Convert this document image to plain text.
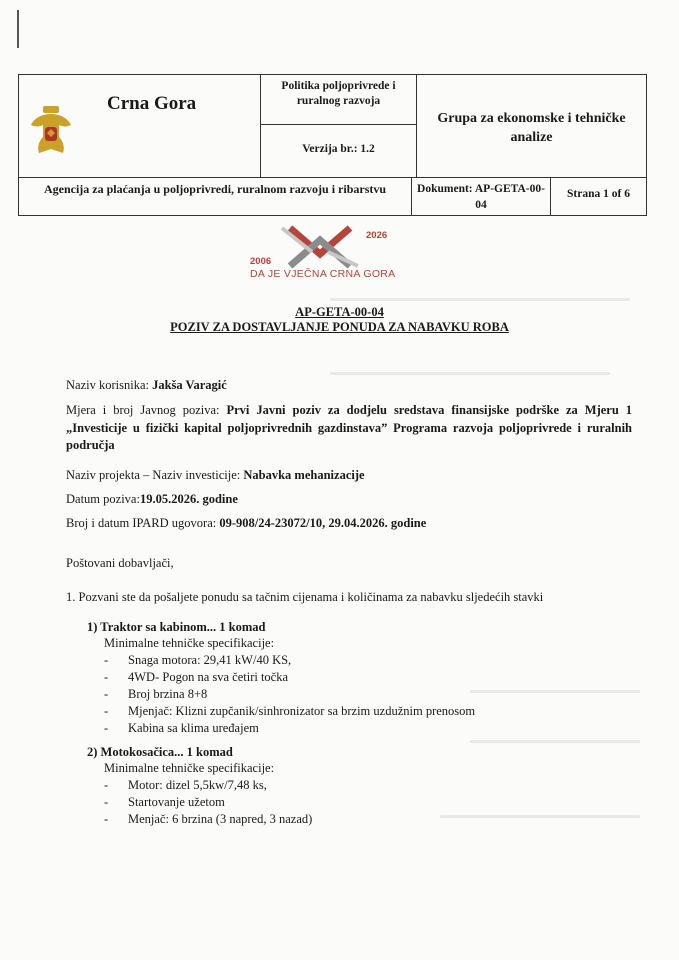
Crna Gora
Politika poljoprivrede i ruralnog razvoja
Verzija br.: 1.2
Grupa za ekonomske i tehničke analize
Agencija za plaćanja u poljoprivredi, ruralnom razvoju i ribarstvu	Dokument: AP-GETA-00-04
Strana 1 of 6
2006
2026
DA JE VJEČNA CRNA GORA
AP-GETA-00-04
POZIV ZA DOSTAVLJANJE PONUDA ZA NABAVKU ROBA
Naziv korisnika: Jakša Varagić
Mjera i broj Javnog poziva: Prvi Javni poziv za dodjelu sredstava finansijske podrške za Mjeru 1 „Investicije u fizički kapital poljoprivrednih gazdinstava” Programa razvoja poljoprivrede i ruralnih područja
Naziv projekta – Naziv investicije: Nabavka mehanizacije
Datum poziva:19.05.2026. godine
Broj i datum IPARD ugovora: 09-908/24-23072/10, 29.04.2026. godine
Poštovani dobavljači,
1. Pozvani ste da pošaljete ponudu sa tačnim cijenama i količinama za nabavku sljedećih stavki
1) Traktor sa kabinom... 1 komad
Minimalne tehničke specifikacije:
- Snaga motora: 29,41 kW/40 KS,
- 4WD- Pogon na sva četiri točka
- Broj brzina 8+8
- Mjenjač: Klizni zupčanik/sinhronizator sa brzim uzdužnim prenosom
- Kabina sa klima uređajem
2) Motokosačica... 1 komad
Minimalne tehničke specifikacije:
- Motor: dizel 5,5kw/7,48 ks,
- Startovanje užetom
- Menjač: 6 brzina (3 napred, 3 nazad)
